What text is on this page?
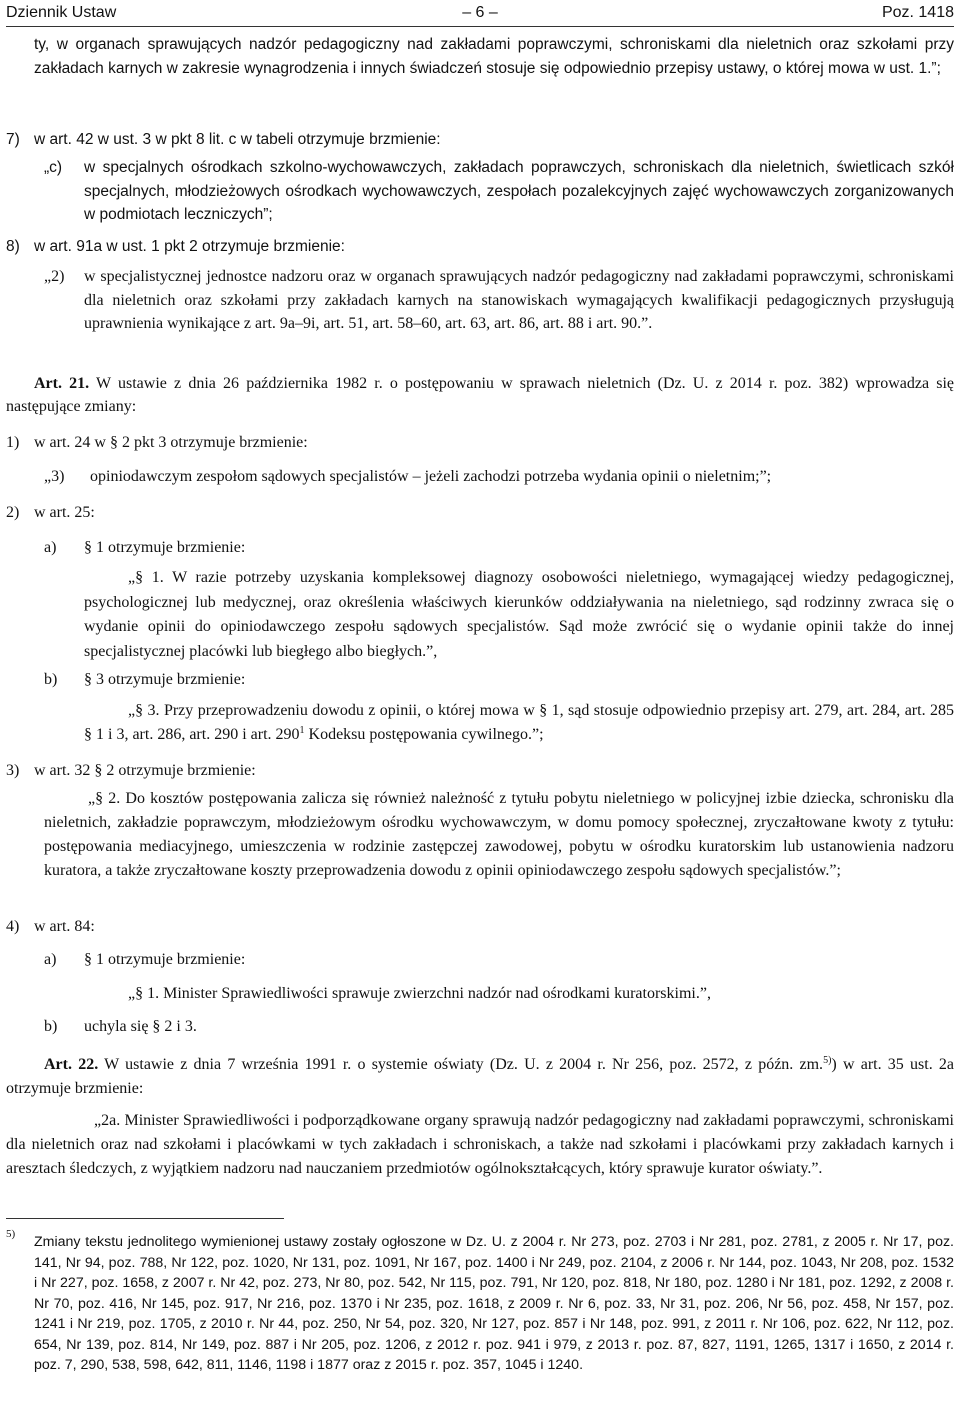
Dziennik Ustaw	– 6 –	Poz. 1418
ty, w organach sprawujących nadzór pedagogiczny nad zakładami poprawczymi, schroniskami dla nieletnich oraz szkołami przy zakładach karnych w zakresie wynagrodzenia i innych świadczeń stosuje się odpowiednio przepisy ustawy, o której mowa w ust. 1.”;
7) w art. 42 w ust. 3 w pkt 8 lit. c w tabeli otrzymuje brzmienie:
„c)	w specjalnych ośrodkach szkolno-wychowawczych, zakładach poprawczych, schroniskach dla nieletnich, świetlicach szkół specjalnych, młodzieżowych ośrodkach wychowawczych, zespołach pozalekcyjnych zajęć wychowawczych zorganizowanych w podmiotach leczniczych”;
8) w art. 91a w ust. 1 pkt 2 otrzymuje brzmienie:
„2)	w specjalistycznej jednostce nadzoru oraz w organach sprawujących nadzór pedagogiczny nad zakładami poprawczymi, schroniskami dla nieletnich oraz szkołami przy zakładach karnych na stanowiskach wymagających kwalifikacji pedagogicznych przysługują uprawnienia wynikające z art. 9a–9i, art. 51, art. 58–60, art. 63, art. 86, art. 88 i art. 90.”.
Art. 21. W ustawie z dnia 26 października 1982 r. o postępowaniu w sprawach nieletnich (Dz. U. z 2014 r. poz. 382) wprowadza się następujące zmiany:
1) w art. 24 w § 2 pkt 3 otrzymuje brzmienie:
„3) opiniodawczym zespołom sądowych specjalistów – jeżeli zachodzi potrzeba wydania opinii o nieletnim;”;
2) w art. 25:
a) § 1 otrzymuje brzmienie:
„§ 1. W razie potrzeby uzyskania kompleksowej diagnozy osobowości nieletniego, wymagającej wiedzy pedagogicznej, psychologicznej lub medycznej, oraz określenia właściwych kierunków oddziaływania na nieletniego, sąd rodzinny zwraca się o wydanie opinii do opiniodawczego zespołu sądowych specjalistów. Sąd może zwrócić się o wydanie opinii także do innej specjalistycznej placówki lub biegłego albo biegłych.”,
b) § 3 otrzymuje brzmienie:
„§ 3. Przy przeprowadzeniu dowodu z opinii, o której mowa w § 1, sąd stosuje odpowiednio przepisy art. 279, art. 284, art. 285 § 1 i 3, art. 286, art. 290 i art. $290^1$ Kodeksu postępowania cywilnego.”;
3) w art. 32 § 2 otrzymuje brzmienie:
„§ 2. Do kosztów postępowania zalicza się również należność z tytułu pobytu nieletniego w policyjnej izbie dziecka, schronisku dla nieletnich, zakładzie poprawczym, młodzieżowym ośrodku wychowawczym, w domu pomocy społecznej, zryczałtowane kwoty z tytułu: postępowania mediacyjnego, umieszczenia w rodzinie zastępczej zawodowej, pobytu w ośrodku kuratorskim lub ustanowienia nadzoru kuratora, a także zryczałtowane koszty przeprowadzenia dowodu z opinii opiniodawczego zespołu sądowych specjalistów.”;
4) w art. 84:
a) § 1 otrzymuje brzmienie:
„§ 1. Minister Sprawiedliwości sprawuje zwierzchni nadzór nad ośrodkami kuratorskimi.”,
b) uchyla się § 2 i 3.
Art. 22. W ustawie z dnia 7 września 1991 r. o systemie oświaty (Dz. U. z 2004 r. Nr 256, poz. 2572, z późn. zm.$^{5)}$) w art. 35 ust. 2a otrzymuje brzmienie:
„2a. Minister Sprawiedliwości i podporządkowane organy sprawują nadzór pedagogiczny nad zakładami poprawczymi, schroniskami dla nieletnich oraz nad szkołami i placówkami w tych zakładach i schroniskach, a także nad szkołami i placówkami przy zakładach karnych i aresztach śledczych, z wyjątkiem nadzoru nad nauczaniem przedmiotów ogólnokształcących, który sprawuje kurator oświaty.”.
5) Zmiany tekstu jednolitego wymienionej ustawy zostały ogłoszone w Dz. U. z 2004 r. Nr 273, poz. 2703 i Nr 281, poz. 2781, z 2005 r. Nr 17, poz. 141, Nr 94, poz. 788, Nr 122, poz. 1020, Nr 131, poz. 1091, Nr 167, poz. 1400 i Nr 249, poz. 2104, z 2006 r. Nr 144, poz. 1043, Nr 208, poz. 1532 i Nr 227, poz. 1658, z 2007 r. Nr 42, poz. 273, Nr 80, poz. 542, Nr 115, poz. 791, Nr 120, poz. 818, Nr 180, poz. 1280 i Nr 181, poz. 1292, z 2008 r. Nr 70, poz. 416, Nr 145, poz. 917, Nr 216, poz. 1370 i Nr 235, poz. 1618, z 2009 r. Nr 6, poz. 33, Nr 31, poz. 206, Nr 56, poz. 458, Nr 157, poz. 1241 i Nr 219, poz. 1705, z 2010 r. Nr 44, poz. 250, Nr 54, poz. 320, Nr 127, poz. 857 i Nr 148, poz. 991, z 2011 r. Nr 106, poz. 622, Nr 112, poz. 654, Nr 139, poz. 814, Nr 149, poz. 887 i Nr 205, poz. 1206, z 2012 r. poz. 941 i 979, z 2013 r. poz. 87, 827, 1191, 1265, 1317 i 1650, z 2014 r. poz. 7, 290, 538, 598, 642, 811, 1146, 1198 i 1877 oraz z 2015 r. poz. 357, 1045 i 1240.
